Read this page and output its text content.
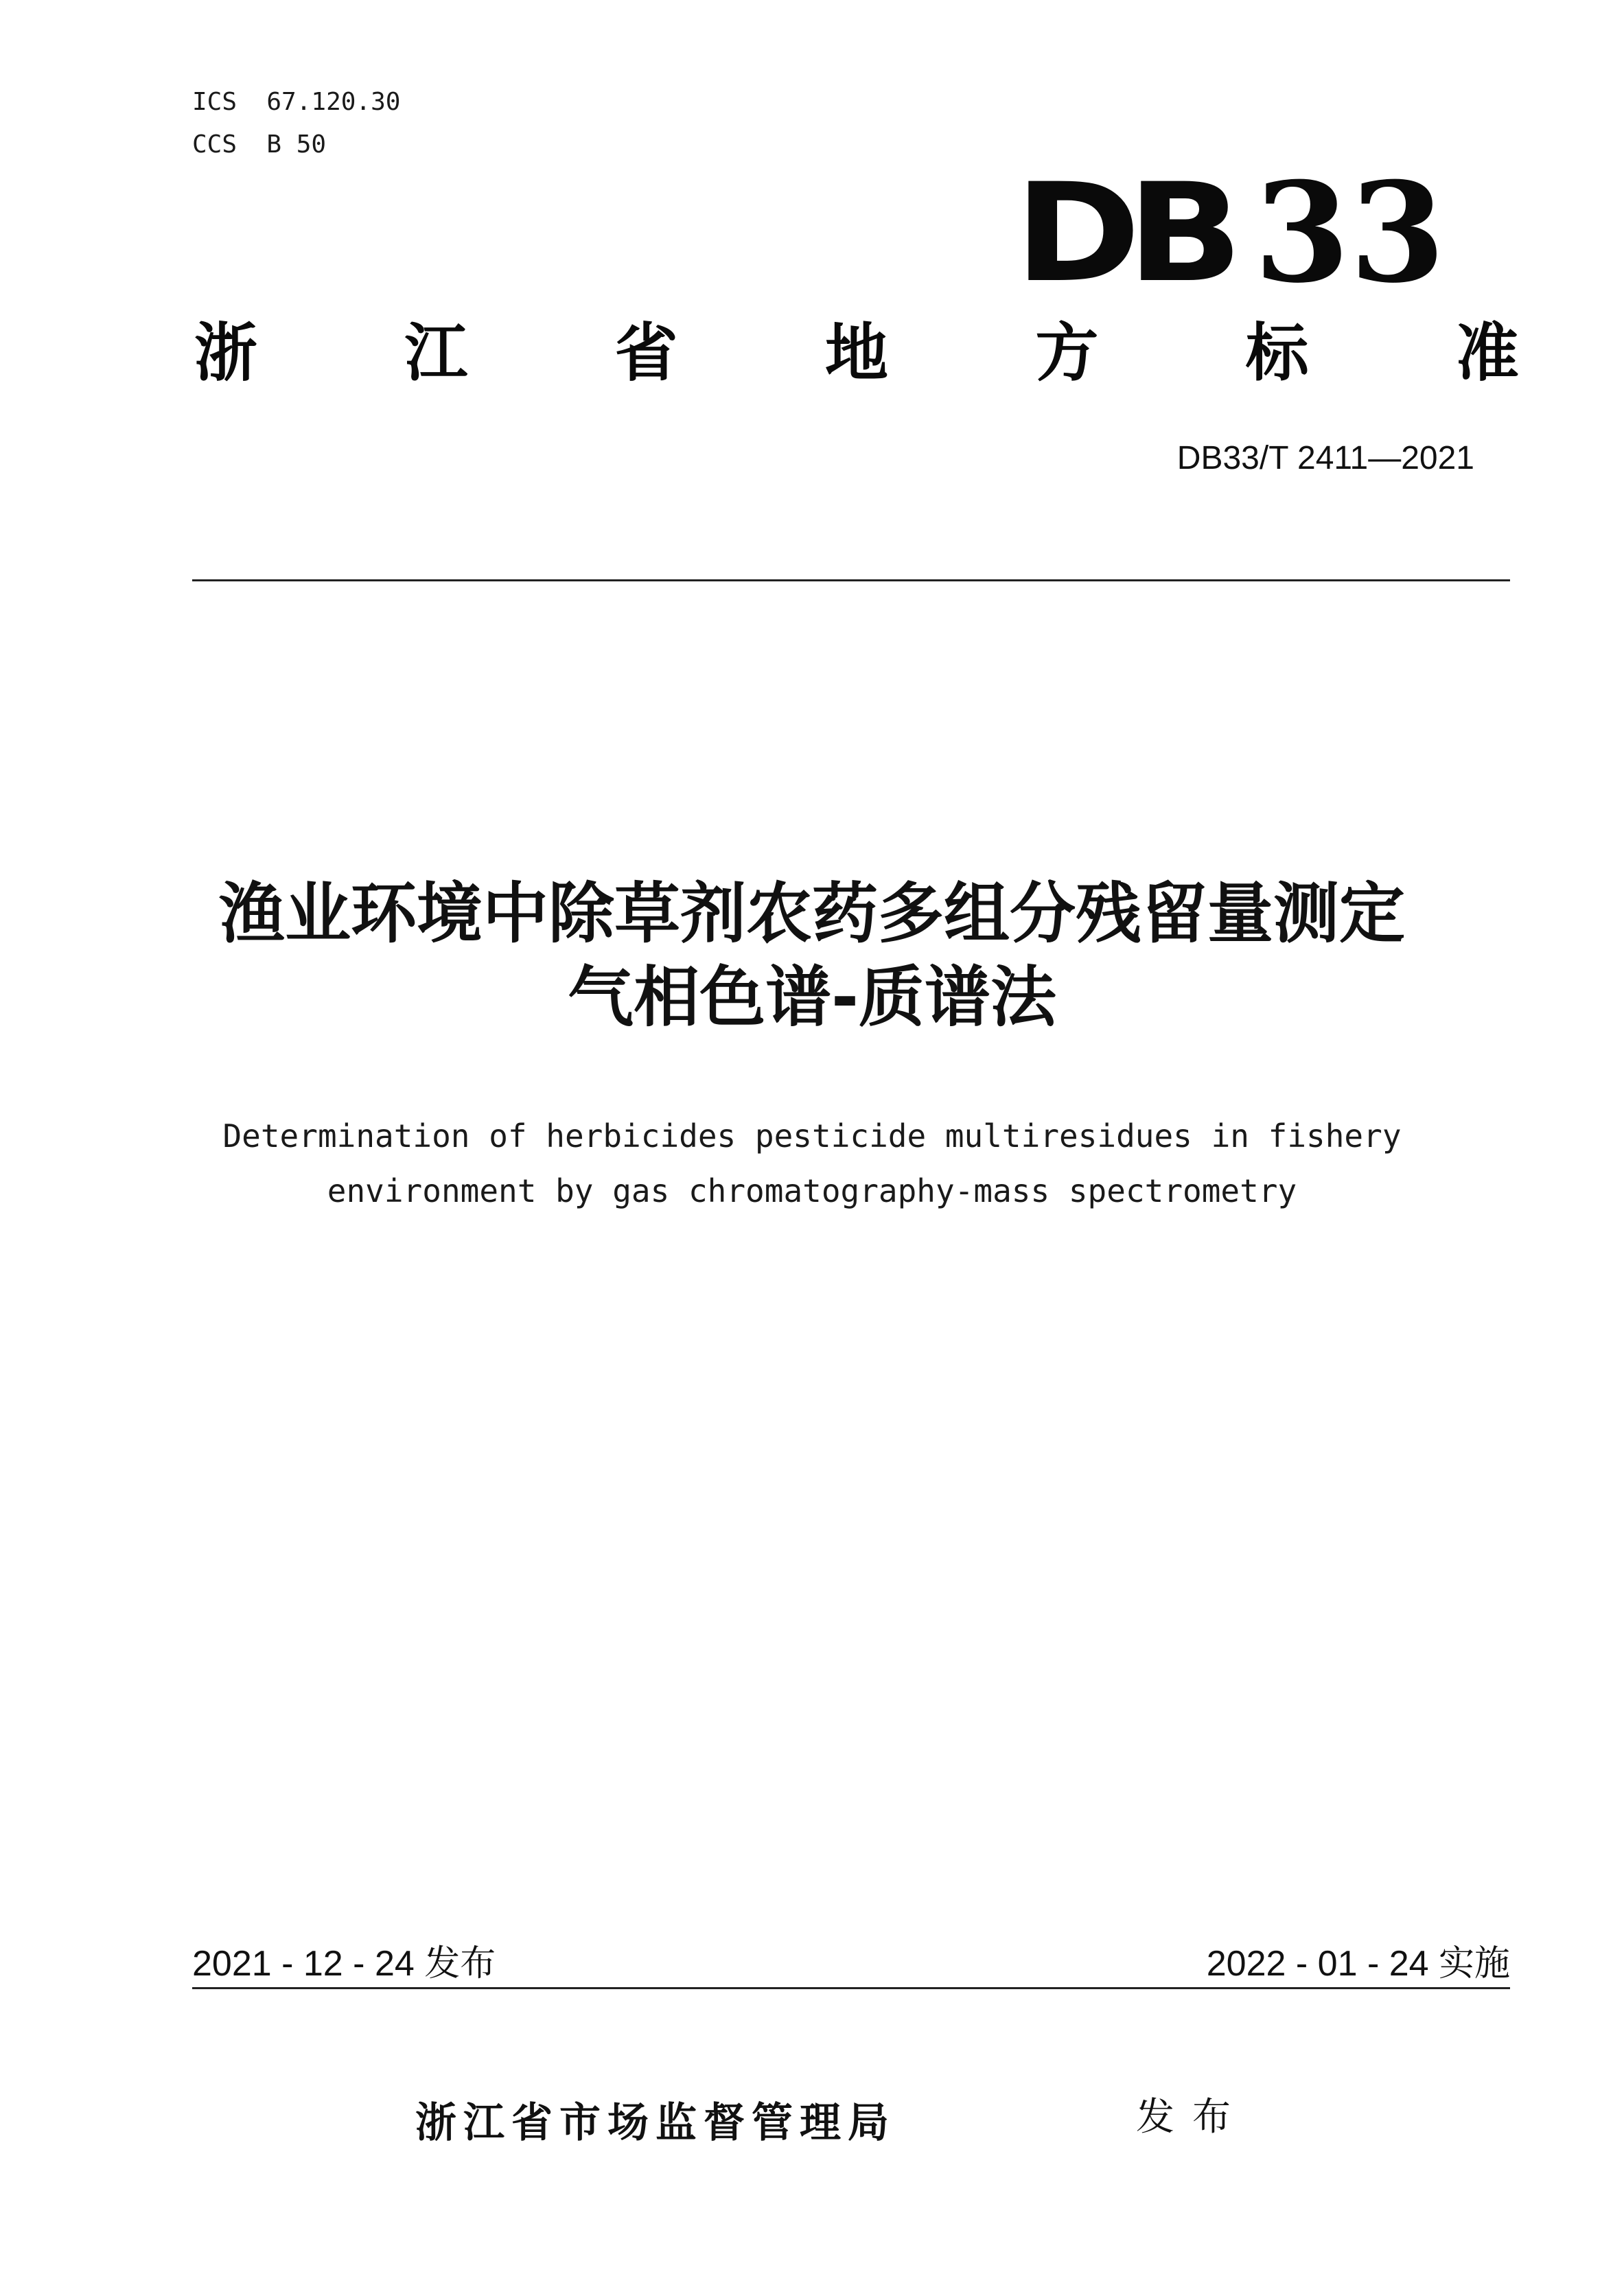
ICS  67.120.30
CCS  B 50
DB 33
浙 江 省 地 方 标 准
DB33/T 2411—2021
渔业环境中除草剂农药多组分残留量测定
气相色谱-质谱法
Determination of herbicides pesticide multiresidues in fishery
environment by gas chromatography-mass spectrometry
2021 - 12 - 24 发布	2022 - 01 - 24 实施
浙江省市场监督管理局	发布
